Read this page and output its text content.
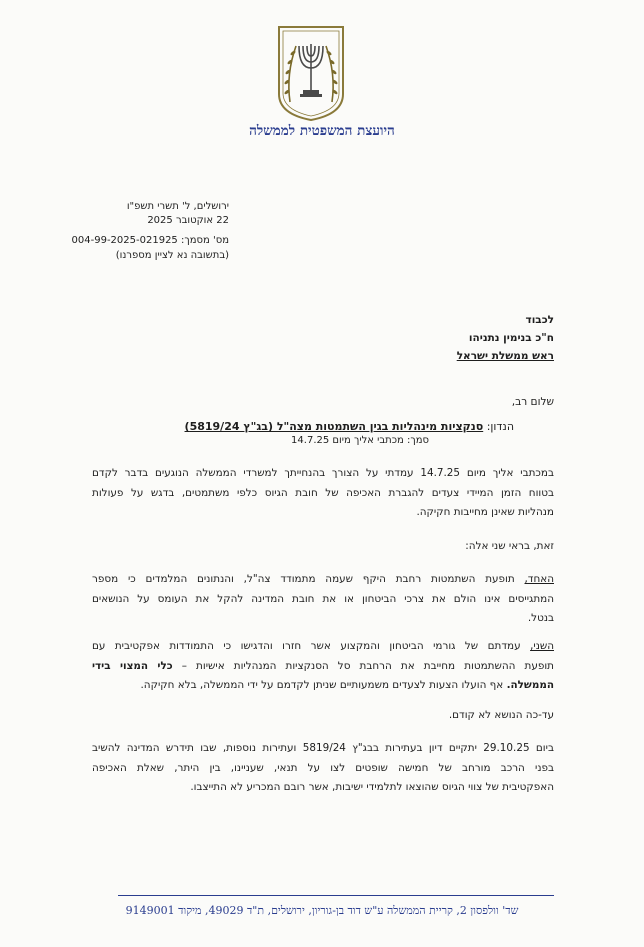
היועצת המשפטית לממשלה
ירושלים, ל' תשרי תשפ"ו
22 אוקטובר 2025
מס' מסמך: 004-99-2025-021925
(בתשובה נא לציין מספרנו)
לכבוד
ח"כ בנימין נתניהו
ראש ממשלת ישראל
שלום רב,
הנדון: סנקציות מינהליות בגין השתמטות מצה"ל (בג"ץ 5819/24)
סמך: מכתבי אליך מיום 14.7.25
במכתבי אליך מיום 14.7.25 עמדתי על הצורך בהנחייתך למשרדי הממשלה הנוגעים בדבר לקדם
בטווח הזמן המיידי צעדים להגברת האכיפה של חובת הגיוס כלפי משתמטים, בדגש על פעולות
מנהליות שאינן מחייבות חקיקה.
זאת, בראי שני אלה:
האחד, תופעת השתמטות רחבת היקף שעמה מתמודד צה"ל, והנתונים המלמדים כי מספר
המתגייסים אינו הולם את צרכי הביטחון או את חובת המדינה להקל את העומס על הנושאים
בנטל.
השני, עמדתם של גורמי הביטחון והמקצוע אשר חזרו והדגישו כי התמודדות אפקטיבית עם
תופעת ההשתמטות מחייבת את הרחבת סל הסנקציות המנהליות אישיות – כלי המצוי בידי
הממשלה. אף הועלו הצעות לצעדים משמעותיים שניתן לקדמם על ידי הממשלה, בלא חקיקה.
עד-כה הנושא לא קודם.
ביום 29.10.25 יתקיים דיון בעתירות בבג"ץ 5819/24 ועתירות נוספות, שבו תידרש המדינה להשיב
בפני הרכב מורחב של חמישה שופטים לצו על תנאי, שעניינו, בין היתר, שאלת האכיפה
האפקטיבית של צווי הגיוס שהוצאו לתלמידי ישיבות, אשר רובם המכריע לא התייצבו.
שד' וולפסון 2, קריית הממשלה ע"ש דוד בן-גוריון, ירושלים, ת"ד 49029, מיקוד 9149001
